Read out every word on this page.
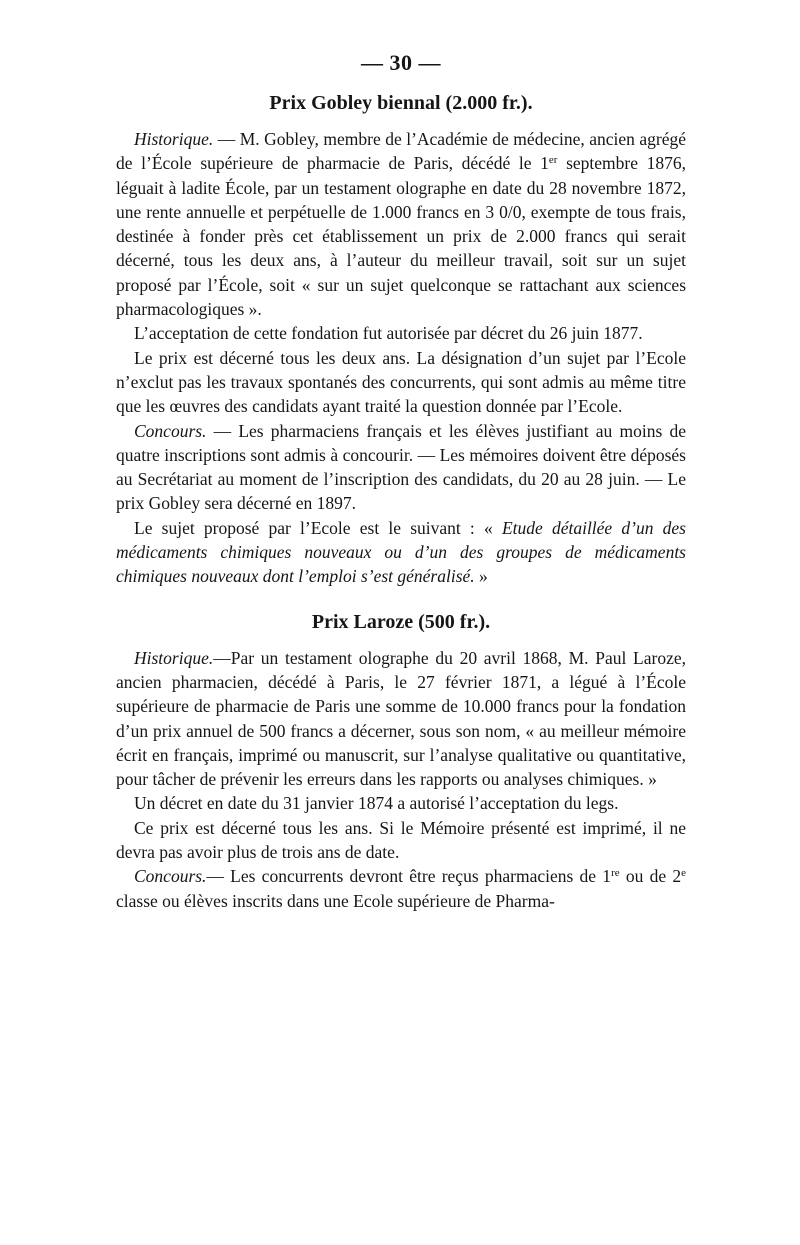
— 30 —
Prix Gobley biennal (2.000 fr.).

Historique. — M. Gobley, membre de l’Académie de médecine, ancien agrégé de l’École supérieure de pharmacie de Paris, décédé le 1er septembre 1876, léguait à ladite École, par un testament olographe en date du 28 novembre 1872, une rente annuelle et perpétuelle de 1.000 francs en 3 0/0, exempte de tous frais, destinée à fonder près cet établissement un prix de 2.000 francs qui serait décerné, tous les deux ans, à l’auteur du meilleur travail, soit sur un sujet proposé par l’École, soit « sur un sujet quelconque se rattachant aux sciences pharmacologiques ».

L’acceptation de cette fondation fut autorisée par décret du 26 juin 1877.

Le prix est décerné tous les deux ans. La désignation d’un sujet par l’Ecole n’exclut pas les travaux spontanés des concurrents, qui sont admis au même titre que les œuvres des candidats ayant traité la question donnée par l’Ecole.

Concours. — Les pharmaciens français et les élèves justifiant au moins de quatre inscriptions sont admis à concourir. — Les mémoires doivent être déposés au Secrétariat au moment de l’inscription des candidats, du 20 au 28 juin. — Le prix Gobley sera décerné en 1897.

Le sujet proposé par l’Ecole est le suivant : « Etude détaillée d’un des médicaments chimiques nouveaux ou d’un des groupes de médicaments chimiques nouveaux dont l’emploi s’est généralisé. »

Prix Laroze (500 fr.).

Historique.—Par un testament olographe du 20 avril 1868, M. Paul Laroze, ancien pharmacien, décédé à Paris, le 27 février 1871, a légué à l’École supérieure de pharmacie de Paris une somme de 10.000 francs pour la fondation d’un prix annuel de 500 francs a décerner, sous son nom, « au meilleur mémoire écrit en français, imprimé ou manuscrit, sur l’analyse qualitative ou quantitative, pour tâcher de prévenir les erreurs dans les rapports ou analyses chimiques. »

Un décret en date du 31 janvier 1874 a autorisé l’acceptation du legs.

Ce prix est décerné tous les ans. Si le Mémoire présenté est imprimé, il ne devra pas avoir plus de trois ans de date.

Concours.— Les concurrents devront être reçus pharmaciens de 1re ou de 2e classe ou élèves inscrits dans une Ecole supérieure de Pharma-
